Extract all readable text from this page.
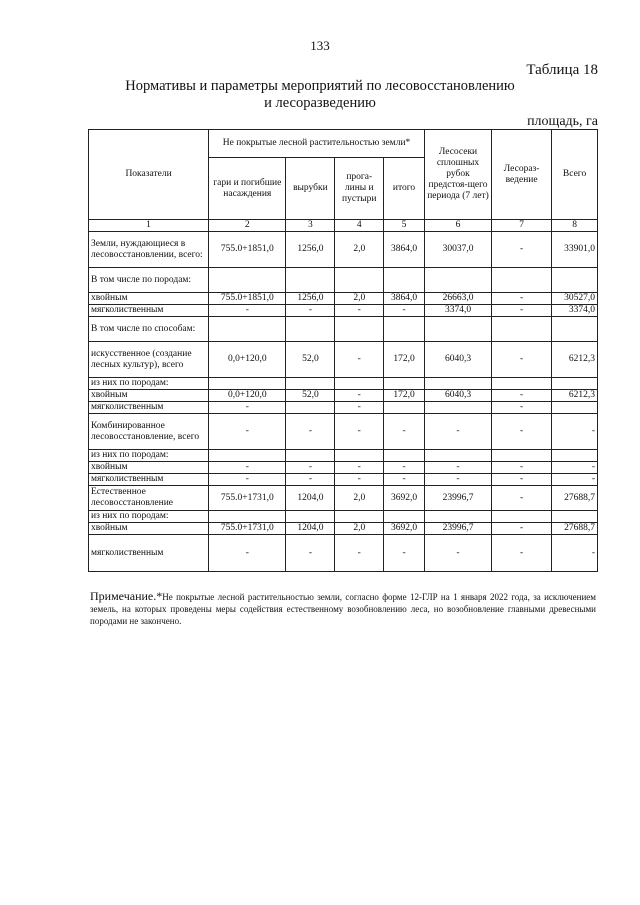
133
Таблица 18
Нормативы и параметры мероприятий по лесовосстановлению
и лесоразведению
площадь, га
Показатели	Не покрытые лесной растительностью земли*				Лесосеки сплошных рубок предстоя-щего периода (7 лет)	Лесораз-ведение	Всего
	гари и погибшие насаждения	вырубки	прога-лины и пустыри	итого			
1	2	3	4	5	6	7	8
Земли, нуждающиеся в лесовосстановлении, всего:	755.0+1851,0	1256,0	2,0	3864,0	30037,0	-	33901,0
В том числе по породам:							
хвойным	755.0+1851,0	1256,0	2,0	3864,0	26663,0	-	30527,0
мягколиственным	-	-	-	-	3374,0	-	3374,0
В том числе по способам:							
искусственное (создание лесных культур), всего	0,0+120,0	52,0	-	172,0	6040,3	-	6212,3
из них по породам:							
хвойным	0,0+120,0	52,0	-	172,0	6040,3	-	6212,3
мягколиственным	-		-			-	
Комбинированное лесовосстановление, всего	-	-	-	-	-	-	-
из них по породам:							
хвойным	-	-	-	-	-	-	-
мягколиственным	-	-	-	-	-	-	-
Естественное лесовосстановление	755.0+1731,0	1204,0	2,0	3692,0	23996,7	-	27688,7
из них по породам:							
хвойным	755.0+1731,0	1204,0	2,0	3692,0	23996,7	-	27688,7
мягколиственным	-	-	-	-	-	-	-
Примечание.*Не покрытые лесной растительностью земли, согласно форме 12-ГЛР на 1 января 2022 года, за исключением земель, на которых проведены меры содействия естественному возобновлению леса, но возобновление главными древесными породами не закончено.
